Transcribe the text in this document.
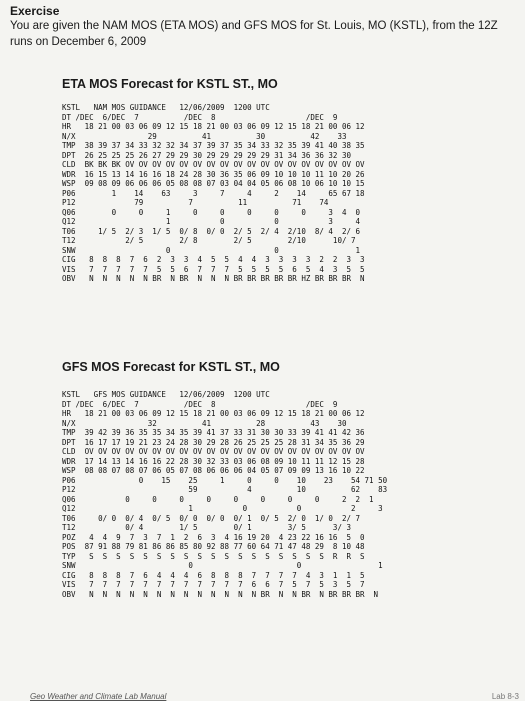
Exercise

You are given the NAM MOS (ETA MOS) and GFS MOS for St. Louis, MO (KSTL), from the 12Z runs on December 6, 2009

ETA MOS Forecast for KSTL ST., MO

KSTL   NAM MOS GUIDANCE   12/06/2009  1200 UTC
DT /DEC  6/DEC  7          /DEC  8                    /DEC  9
HR   18 21 00 03 06 09 12 15 18 21 00 03 06 09 12 15 18 21 00 06 12
N/X                29          41          30          42    33
TMP  38 39 37 34 33 32 32 34 37 39 37 35 34 33 32 35 39 41 40 38 35
DPT  26 25 25 25 26 27 29 29 30 29 29 29 29 29 31 34 36 36 32 30
CLD  BK BK BK OV OV OV OV OV OV OV OV OV OV OV OV OV OV OV OV OV OV
WDR  16 15 13 14 16 16 18 24 28 30 36 35 06 09 10 10 10 11 10 20 26
WSP  09 08 09 06 06 06 05 08 08 07 03 04 04 05 06 08 10 06 10 10 15
P06        1    14    63     3     7     4     2    14     65 67 18
P12             79          7          11          71    74
Q06        0     0     1     0     0     0     0     0     3  4  0
Q12                    1           0           0           3     4
T06     1/ 5  2/ 3  1/ 5  0/ 8  0/ 0  2/ 5  2/ 4  2/10  8/ 4  2/ 6
T12           2/ 5        2/ 8        2/ 5        2/10      10/ 7
SNW                    0                       0                 1
CIG   8  8  8  7  6  2  3  3  4  5  5  4  4  3  3  3  3  2  2  3  3
VIS   7  7  7  7  7  5  5  6  7  7  7  5  5  5  5  6  5  4  3  5  5
OBV   N  N  N  N  N BR  N BR  N  N  N BR BR BR BR BR HZ BR BR BR  N

GFS MOS Forecast for KSTL ST., MO

KSTL   GFS MOS GUIDANCE   12/06/2009  1200 UTC
DT /DEC  6/DEC  7          /DEC  8                    /DEC  9
HR   18 21 00 03 06 09 12 15 18 21 00 03 06 09 12 15 18 21 00 06 12
N/X                32          41          28          43    30
TMP  39 42 39 36 35 35 34 35 39 41 37 33 31 30 30 33 39 41 41 42 36
DPT  16 17 17 19 21 23 24 28 30 29 28 26 25 25 25 28 31 34 35 36 29
CLD  OV OV OV OV OV OV OV OV OV OV OV OV OV OV OV OV OV OV OV OV OV
WDR  17 14 13 14 16 16 22 28 30 32 33 03 06 08 09 10 11 11 12 15 28
WSP  08 08 07 08 07 06 05 07 08 06 06 06 04 05 07 09 09 13 16 10 22
P06              0    15    25     1     0     0    10    23    54 71 50
P12                         59           4          10          62    83
Q06           0     0     0     0     0     0     0     0     2  2  1
Q12                         1           0           0           2     3
T06     0/ 0  0/ 4  0/ 5  0/ 0  0/ 0  0/ 1  0/ 5  2/ 0  1/ 0  2/ 7
T12           0/ 4        1/ 5        0/ 1        3/ 5      3/ 3
POZ   4  4  9  7  3  7  1  2  6  3  4 16 19 20  4 23 22 16 16  5  0
POS  87 91 88 79 81 86 86 85 80 92 88 77 60 64 71 47 48 29  8 10 48
TYP   S  S  S  S  S  S  S  S  S  S  S  S  S  S  S  S  S  S  R  R  S
SNW                         0                       0                 1
CIG   8  8  8  7  6  4  4  4  6  8  8  8  7  7  7  7  4  3  1  1  5
VIS   7  7  7  7  7  7  7  7  7  7  7  7  6  6  7  5  7  5  3  5  7
OBV   N  N  N  N  N  N  N  N  N  N  N  N  N BR  N  N BR  N BR BR BR  N
Geo Weather and Climate Lab Manual	Lab 8-3
